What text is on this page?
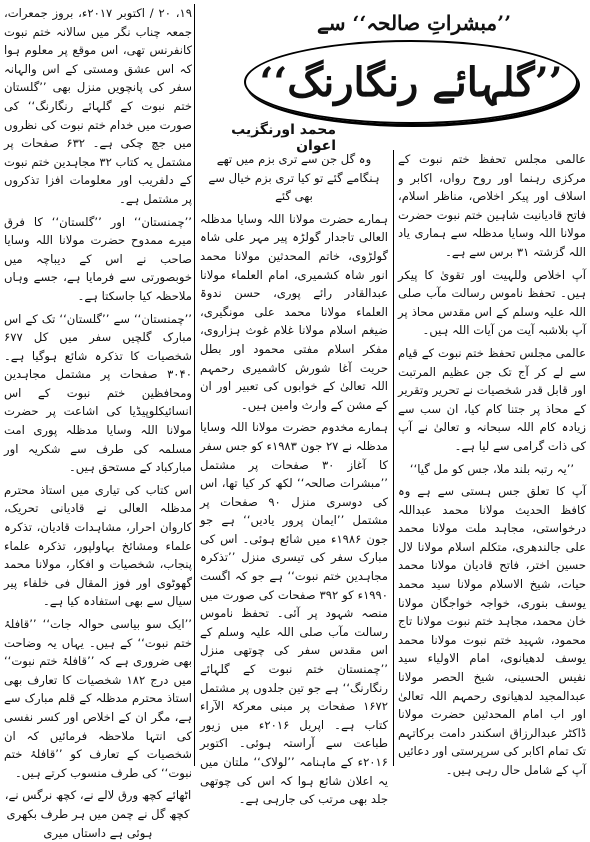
’’مبشراتِ صالحہ‘‘ سے
’’گلہائے رنگارنگ‘‘
محمد اورنگزیب اعوان

عالمی مجلس تحفظ ختم نبوت کے مرکزی رہنما اور روح رواں، اکابر و اسلاف اور پیکر اخلاص، مناظر اسلام، فاتح قادیانیت شاہین ختم نبوت حضرت مولانا اللہ وسایا مدظلہ سے ہماری یاد اللہ گزشتہ ۳۱ برس سے ہے۔

آپ اخلاص وللہیت اور تقویٰ کا پیکر ہیں۔ تحفظ ناموس رسالت مآب صلی اللہ علیہ وسلم کے اس مقدس محاذ پر آپ بلاشبہ آیت من آیات اللہ ہیں۔

عالمی مجلس تحفظ ختم نبوت کے قیام سے لے کر آج تک جن عظیم المرتبت اور قابل قدر شخصیات نے تحریر وتقریر کے محاذ پر جتنا کام کیا، ان سب سے زیادہ کام اللہ سبحانہ و تعالیٰ نے آپ کی ذات گرامی سے لیا ہے۔

’’یہ رتبہ بلند ملا، جس کو مل گیا‘‘

آپ کا تعلق جس ہستی سے ہے وہ کافظ الحدیث مولانا محمد عبداللہ درخواستی، مجاہد ملت مولانا محمد علی جالندھری، متکلم اسلام مولانا لال حسین اختر، فاتح قادیان مولانا محمد حیات، شیخ الاسلام مولانا سید محمد یوسف بنوری، خواجہ خواجگان مولانا خان محمد، مجاہد ختم نبوت مولانا تاج محمود، شہید ختم نبوت مولانا محمد یوسف لدھیانوی، امام الاولیاء سید نفیس الحسینی، شیخ الحصر مولانا عبدالمجید لدھیانوی رحمہم اللہ تعالیٰ اور اب امام المحدثین حضرت مولانا ڈاکٹر عبدالرزاق اسکندر دامت برکاتہم تک تمام اکابر کی سرپرستی اور دعائیں آپ کے شامل حال رہی ہیں۔

وہ گل جن سے تری بزم میں تھے ہنگامے گئے تو کیا تری بزم خیال سے بھی گئے

ہمارے حضرت مولانا اللہ وسایا مدظلہ العالی تاجدار گولڑہ پیر مہر علی شاہ گولڑوی، خاتم المحدثین مولانا محمد انور شاہ کشمیری، امام العلماء مولانا عبدالقادر رائے پوری، حسن ندوۃ العلماء مولانا محمد علی مونگیری، ضیغم اسلام مولانا غلام غوث ہزاروی، مفکر اسلام مفتی محمود اور بطل حریت آغا شورش کاشمیری رحمہم اللہ تعالیٰ کے خوابوں کی تعبیر اور ان کے مشن کے وارث وامین ہیں۔

ہمارے مخدوم حضرت مولانا اللہ وسایا مدظلہ نے ۲۷ جون ۱۹۸۳ء کو جس سفر کا آغاز ۳۰ صفحات پر مشتمل ’’مبشرات صالحہ‘‘ لکھ کر کیا تھا، اس کی دوسری منزل ۹۰ صفحات پر مشتمل ’’ایمان پرور یادیں‘‘ ہے جو جون ۱۹۸۶ء میں شائع ہوئی۔ اس کی مبارک سفر کی تیسری منزل ’’تذکرہ مجاہدین ختم نبوت‘‘ ہے جو کہ اگست ۱۹۹۰ء کو ۳۹۲ صفحات کی صورت میں منصہ شہود پر آئی۔ تحفظ ناموس رسالت مآب صلی اللہ علیہ وسلم کے اس مقدس سفر کی چوتھی منزل ’’چمنستان ختم نبوت کے گلہائے رنگارنگ‘‘ ہے جو تین جلدوں پر مشتمل ۱۶۷۲ صفحات پر مبنی معرکۃ الآراء کتاب ہے۔ اپریل ۲۰۱۶ء میں زیور طباعت سے آراستہ ہوئی۔ اکتوبر ۲۰۱۶ء کے ماہنامہ ’’لولاک‘‘ ملتان میں یہ اعلان شائع ہوا کہ اس کی چوتھی جلد بھی مرتب کی جارہی ہے۔

۱۹، ۲۰ / اکتوبر ۲۰۱۷ء، بروز جمعرات، جمعہ چناب نگر میں سالانہ ختم نبوت کانفرنس تھی، اس موقع پر معلوم ہوا کہ اس عشق ومستی کے اس والہانہ سفر کی پانچویں منزل بھی ’’گلستان ختم نبوت کے گلہائے رنگارنگ‘‘ کی صورت میں خدام ختم نبوت کی نظروں میں جچ چکی ہے۔ ۶۳۲ صفحات پر مشتمل یہ کتاب ۳۲ مجاہدین ختم نبوت کے دلفریب اور معلومات افزا تذکروں پر مشتمل ہے۔

’’چمنستان‘‘ اور ’’گلستان‘‘ کا فرق میرے ممدوح حضرت مولانا اللہ وسایا صاحب نے اس کے دیباچہ میں خوبصورتی سے فرمایا ہے، جسے وہاں ملاحظہ کیا جاسکتا ہے۔

’’چمنستان‘‘ سے ’’گلستان‘‘ تک کے اس مبارک گلچیں سفر میں کل ۶۷۷ شخصیات کا تذکرہ شائع ہوگیا ہے۔ ۳۰۴۰ صفحات پر مشتمل مجاہدین ومحافظین ختم نبوت کے اس انسائیکلوپیڈیا کی اشاعت پر حضرت مولانا اللہ وسایا مدظلہ پوری امت مسلمہ کی طرف سے شکریہ اور مبارکباد کے مستحق ہیں۔

اس کتاب کی تیاری میں استاذ محترم مدظلہ العالی نے قادیانی تحریک، کاروان احرار، مشاہدات قادیان، تذکرہ علماء ومشائخ بہاولپور، تذکرہ علماء پنجاب، شخصیات و افکار، مولانا محمد گھوٹوی اور فوز المقال فی خلفاء پیر سیال سے بھی استفادہ کیا ہے۔

’’ایک سو بیاسی حوالہ جات‘‘ ’’قافلۂ ختم نبوت‘‘ کے ہیں۔ یہاں یہ وضاحت بھی ضروری ہے کہ ’’قافلۂ ختم نبوت‘‘ میں درج ۱۸۲ شخصیات کا تعارف بھی استاذ محترم مدظلہ کے قلم مبارک سے ہے، مگر ان کے اخلاص اور کسر نفسی کی انتہا ملاحظہ فرمائیں کہ ان شخصیات کے تعارف کو ’’قافلۂ ختم نبوت‘‘ کی طرف منسوب کرتے ہیں۔

اٹھائے کچھ ورق لالے نے، کچھ نرگس نے، کچھ گل نے چمن میں ہر طرف بکھری ہوئی ہے داستاں میری
